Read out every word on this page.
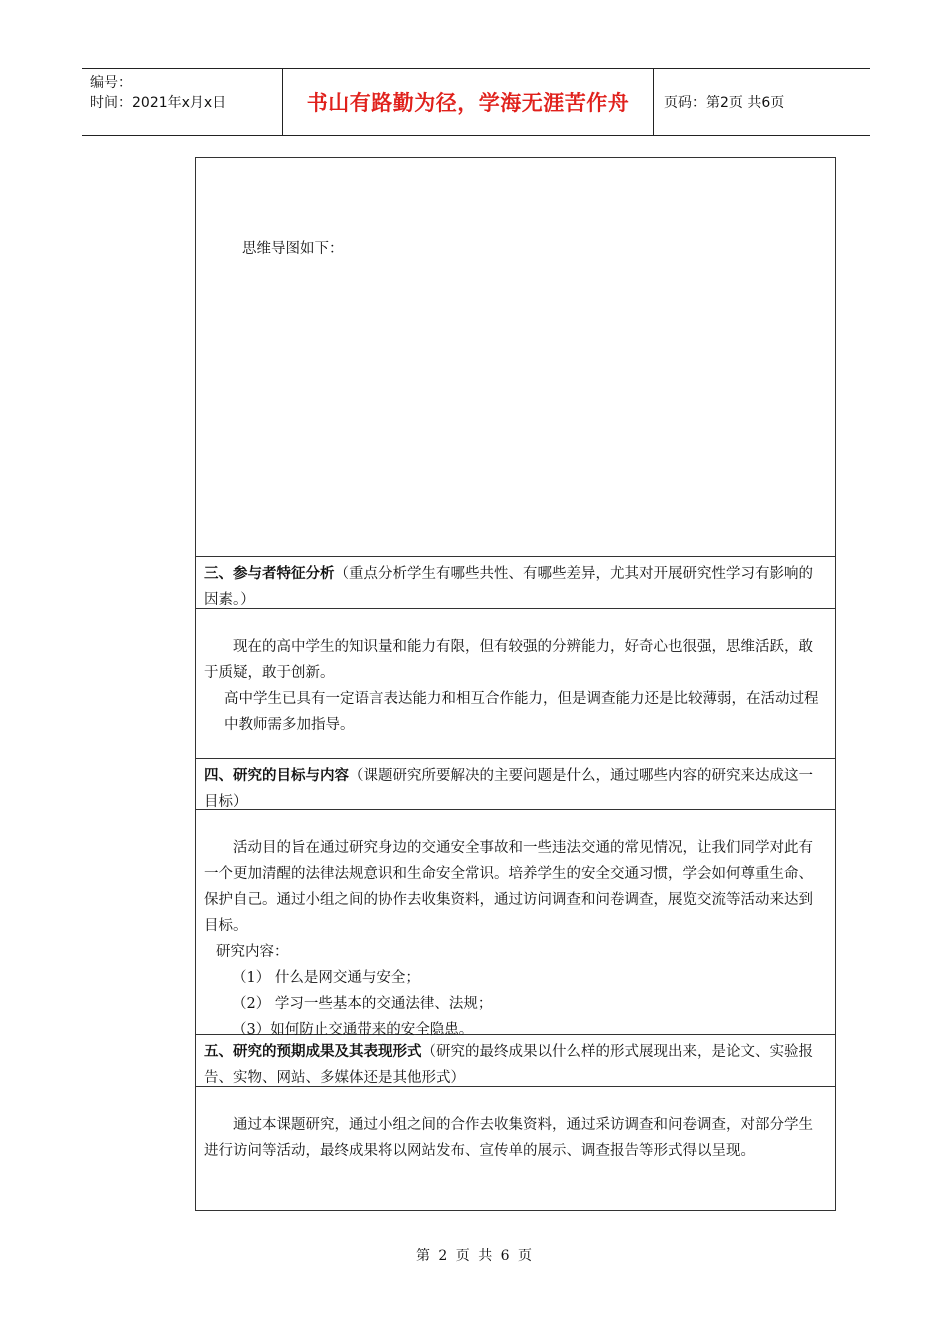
编号：
时间：2021年x月x日	书山有路勤为径，学海无涯苦作舟	页码：第2页 共6页

思维导图如下：

三、参与者特征分析（重点分析学生有哪些共性、有哪些差异，尤其对开展研究性学习有影响的因素。）

现在的高中学生的知识量和能力有限，但有较强的分辨能力，好奇心也很强，思维活跃，敢于质疑，敢于创新。

高中学生已具有一定语言表达能力和相互合作能力，但是调查能力还是比较薄弱，在活动过程中教师需多加指导。

四、研究的目标与内容（课题研究所要解决的主要问题是什么，通过哪些内容的研究来达成这一目标）

活动目的旨在通过研究身边的交通安全事故和一些违法交通的常见情况，让我们同学对此有一个更加清醒的法律法规意识和生命安全常识。培养学生的安全交通习惯，学会如何尊重生命、保护自己。通过小组之间的协作去收集资料，通过访问调查和问卷调查，展览交流等活动来达到目标。

研究内容：

（1） 什么是网交通与安全；

（2） 学习一些基本的交通法律、法规；

（3）如何防止交通带来的安全隐患。

五、研究的预期成果及其表现形式（研究的最终成果以什么样的形式展现出来，是论文、实验报告、实物、网站、多媒体还是其他形式）

通过本课题研究，通过小组之间的合作去收集资料，通过采访调查和问卷调查，对部分学生进行访问等活动，最终成果将以网站发布、宣传单的展示、调查报告等形式得以呈现。

第 2 页 共 6 页
